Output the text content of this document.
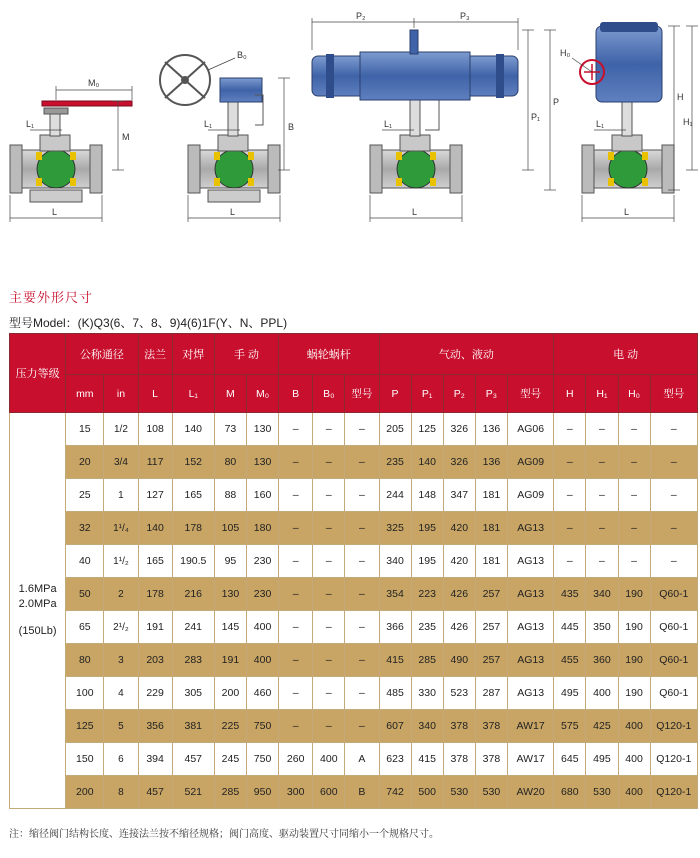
L
L₁
M₀
M
L
L₁
B₀
B
L
L₁
P₂	P₃
P₁
P
L
L₁
H₀
H
H₁
主要外形尺寸
型号Model：(K)Q3(6、7、8、9)4(6)1F(Y、N、PPL)
压力等级	公称通径		法兰	对焊	手 动		蜗轮蜗杆			气动、液动					电 动			
	mm	in	L	L₁	M	M₀	B	B₀	型号	P	P₁	P₂	P₃	型号	H	H₁	H₀	型号

1.6MPa
2.0MPa
(150Lb)	15	1/2	108	140	73	130	–	–	–	205	125	326	136	AG06	–	–	–	–
	20	3/4	117	152	80	130	–	–	–	235	140	326	136	AG09	–	–	–	–
	25	1	127	165	88	160	–	–	–	244	148	347	181	AG09	–	–	–	–
	32	1¹/₄	140	178	105	180	–	–	–	325	195	420	181	AG13	–	–	–	–
	40	1¹/₂	165	190.5	95	230	–	–	–	340	195	420	181	AG13	–	–	–	–
	50	2	178	216	130	230	–	–	–	354	223	426	257	AG13	435	340	190	Q60-1
	65	2¹/₂	191	241	145	400	–	–	–	366	235	426	257	AG13	445	350	190	Q60-1
	80	3	203	283	191	400	–	–	–	415	285	490	257	AG13	455	360	190	Q60-1
	100	4	229	305	200	460	–	–	–	485	330	523	287	AG13	495	400	190	Q60-1
	125	5	356	381	225	750	–	–	–	607	340	378	378	AW17	575	425	400	Q120-1
	150	6	394	457	245	750	260	400	A	623	415	378	378	AW17	645	495	400	Q120-1
	200	8	457	521	285	950	300	600	B	742	500	530	530	AW20	680	530	400	Q120-1
注：缩径阀门结构长度、连接法兰按不缩径规格；阀门高度、驱动装置尺寸同缩小一个规格尺寸。
